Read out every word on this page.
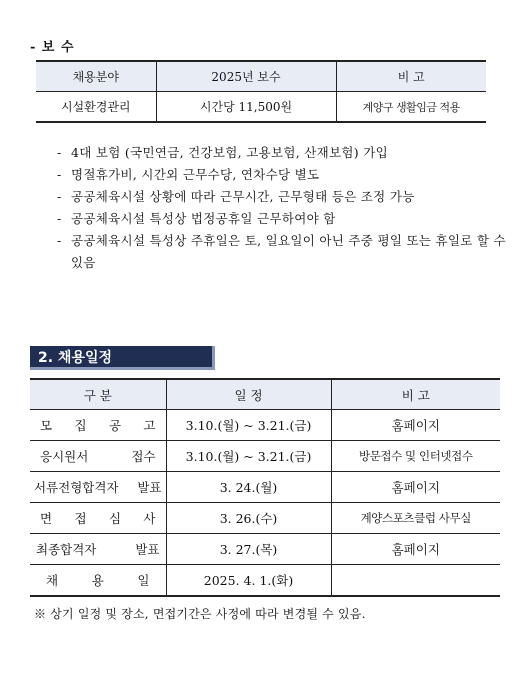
- 보 수
채용분야	2025년 보수	비 고
시설환경관리	시간당 11,500원	계양구 생활임금 적용
- 4대 보험 (국민연금, 건강보험, 고용보험, 산재보험) 가입
- 명절휴가비, 시간외 근무수당, 연차수당 별도
- 공공체육시설 상황에 따라 근무시간, 근무형태 등은 조정 가능
- 공공체육시설 특성상 법정공휴일 근무하여야 함
- 공공체육시설 특성상 주휴일은 토, 일요일이 아닌 주중 평일 또는 휴일로 할 수 있음
2. 채용일정
구 분	일 정	비 고
모 집 공 고	3.10.(월) ~ 3.21.(금)	홈페이지
응시원서 접수	3.10.(월) ~ 3.21.(금)	방문접수 및 인터넷접수
서류전형합격자 발표	3. 24.(월)	홈페이지
면 접 심 사	3. 26.(수)	계양스포츠클럽 사무실
최종합격자 발표	3. 27.(목)	홈페이지
채 용 일	2025. 4. 1.(화)	
※ 상기 일정 및 장소, 면접기간은 사정에 따라 변경될 수 있음.
